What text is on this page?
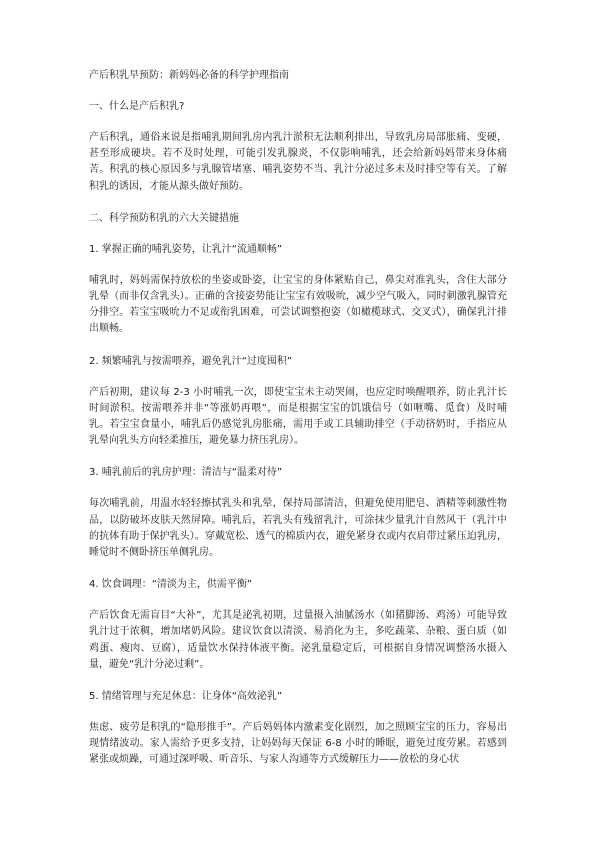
产后积乳早预防：新妈妈必备的科学护理指南

一、什么是产后积乳?

产后积乳，通俗来说是指哺乳期间乳房内乳汁淤积无法顺利排出，导致乳房局部胀痛、变硬，甚至形成硬块。若不及时处理，可能引发乳腺炎，不仅影响哺乳，还会给新妈妈带来身体痛苦。积乳的核心原因多与乳腺管堵塞、哺乳姿势不当、乳汁分泌过多未及时排空等有关。了解积乳的诱因，才能从源头做好预防。

二、科学预防积乳的六大关键措施

1. 掌握正确的哺乳姿势，让乳汁“流通顺畅”

哺乳时，妈妈需保持放松的坐姿或卧姿，让宝宝的身体紧贴自己，鼻尖对准乳头，含住大部分乳晕（而非仅含乳头）。正确的含接姿势能让宝宝有效吸吮，减少空气吸入，同时刺激乳腺管充分排空。若宝宝吸吮力不足或衔乳困难，可尝试调整抱姿（如橄榄球式、交叉式），确保乳汁排出顺畅。

2. 频繁哺乳与按需喂养，避免乳汁“过度囤积”

产后初期，建议每 2-3 小时哺乳一次，即使宝宝未主动哭闹，也应定时唤醒喂养，防止乳汁长时间淤积。按需喂养并非“等涨奶再喂”，而是根据宝宝的饥饿信号（如咂嘴、觅食）及时哺乳。若宝宝食量小，哺乳后仍感觉乳房胀痛，需用手或工具辅助排空（手动挤奶时，手指应从乳晕向乳头方向轻柔推压，避免暴力挤压乳房）。

3. 哺乳前后的乳房护理：清洁与“温柔对待”

每次哺乳前，用温水轻轻擦拭乳头和乳晕，保持局部清洁，但避免使用肥皂、酒精等刺激性物品，以防破坏皮肤天然屏障。哺乳后，若乳头有残留乳汁，可涂抹少量乳汁自然风干（乳汁中的抗体有助于保护乳头）。穿戴宽松、透气的棉质内衣，避免紧身衣或内衣肩带过紧压迫乳房，睡觉时不侧卧挤压单侧乳房。

4. 饮食调理：“清淡为主，供需平衡”

产后饮食无需盲目“大补”，尤其是泌乳初期，过量摄入油腻汤水（如猪脚汤、鸡汤）可能导致乳汁过于浓稠，增加堵奶风险。建议饮食以清淡、易消化为主，多吃蔬菜、杂粮、蛋白质（如鸡蛋、瘦肉、豆腐），适量饮水保持体液平衡。泌乳量稳定后，可根据自身情况调整汤水摄入量，避免“乳汁分泌过剩”。

5. 情绪管理与充足休息：让身体“高效泌乳”

焦虑、疲劳是积乳的“隐形推手”。产后妈妈体内激素变化剧烈，加之照顾宝宝的压力，容易出现情绪波动。家人需给予更多支持，让妈妈每天保证 6-8 小时的睡眠，避免过度劳累。若感到紧张或烦躁，可通过深呼吸、听音乐、与家人沟通等方式缓解压力——放松的身心状
